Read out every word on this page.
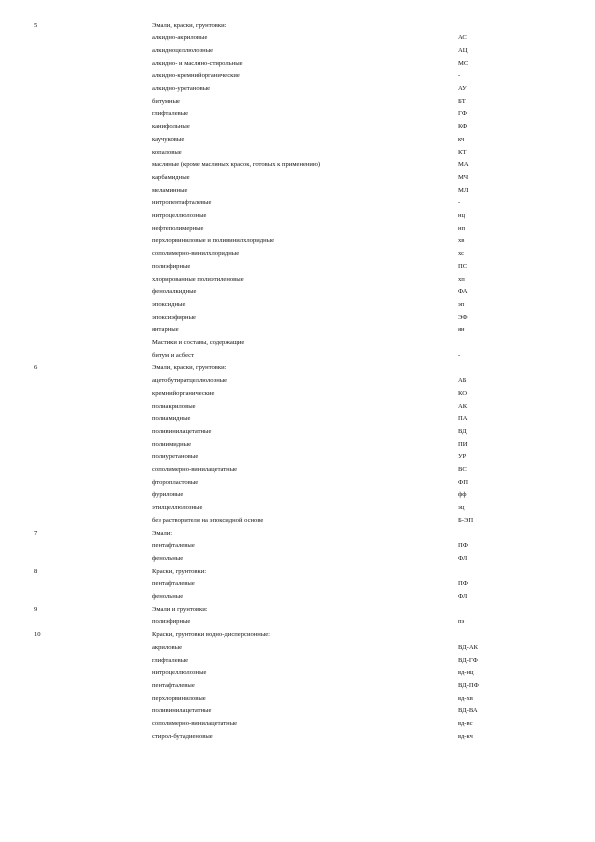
5	Эмали, краски, грунтовки:
алкидно-акриловые	АС
алкидноцеллюлозные	АЦ
алкидно- и масляно-стирольные	МС
алкидно-кремнийорганические	-
алкидно-уретановые	АУ
битумные	БТ
глифталевые	ГФ
канифольные	КФ
каучуковые	кч
копаловые	КТ
масляные (кроме масляных красок, готовых к применению)	МА
карбамидные	МЧ
меламинные	МЛ
нитропентафталевые	-
нитроцеллюлозные	нц
нефтеполимерные	нп
перхлорвиниловые и поливинилхлоридные	хв
сополимерно-винилхлоридные	хс
полиэфирные	ПС
хлорированные полиэтиленовые	хп
фенолалкидные	ФА
эпоксидные	эп
эпоксиэфирные	ЭФ
янтарные	ян
Мастики и составы, содержащие
битум и асбест	-
6	Эмали, краски, грунтовки:
ацетобутиратцеллюлозные	АБ
кремнийорганические	КО
полиакриловые	АК
полиамидные	ПА
поливинилацетатные	ВД
полиимидные	ПИ
полиуретановые	УР
сополимерно-винилацетатные	ВС
фторопластовые	ФП
фуриловые	фф
этилцеллюлозные	эц
без растворителя на эпоксидной основе	Б-ЭП
7	Эмали:
пентафталевые	ПФ
фенольные	ФЛ
8	Краски, грунтовки:
пентафталевые	ПФ
фенольные	ФЛ
9	Эмали и грунтовки:
полиэфирные	пэ
10	Краски, грунтовки водно-дисперсионные:
акриловые	ВД-АК
глифталевые	ВД-ГФ
нитроцеллюлозные	вд-нц
пентафталевые	ВД-ПФ
перхлорвиниловые	вд-хв
поливинилацетатные	ВД-ВА
сополимерно-винилацетатные	вд-вс
стирол-бутадиеновые	вд-кч
